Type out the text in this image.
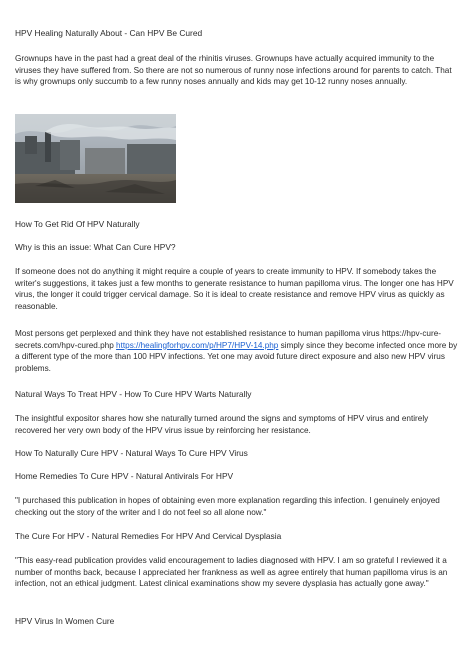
HPV Healing Naturally About - Can HPV Be Cured

Grownups have in the past had a great deal of the rhinitis viruses. Grownups have actually acquired immunity to the viruses they have suffered from. So there are not so numerous of runny nose infections around for parents to catch. That is why grownups only succumb to a few runny noses annually and kids may get 10-12 runny noses annually.

How To Get Rid Of HPV Naturally

Why is this an issue: What Can Cure HPV?

If someone does not do anything it might require a couple of years to create immunity to HPV. If somebody takes the writer's suggestions, it takes just a few months to generate resistance to human papilloma virus. The longer one has HPV virus, the longer it could trigger cervical damage. So it is ideal to create resistance and remove HPV virus as quickly as reasonable.

Most persons get perplexed and think they have not established resistance to human papilloma virus https://hpv-cure-secrets.com/hpv-cured.php https://healingforhpv.com/p/HP7/HPV-14.php simply since they become infected once more by a different type of the more than 100 HPV infections. Yet one may avoid future direct exposure and also new HPV virus problems.

Natural Ways To Treat HPV - How To Cure HPV Warts Naturally

The insightful expositor shares how she naturally turned around the signs and symptoms of HPV virus and entirely recovered her very own body of the HPV virus issue by reinforcing her resistance.

How To Naturally Cure HPV - Natural Ways To Cure HPV Virus

Home Remedies To Cure HPV - Natural Antivirals For HPV

"I purchased this publication in hopes of obtaining even more explanation regarding this infection. I genuinely enjoyed checking out the story of the writer and I do not feel so all alone now."

The Cure For HPV - Natural Remedies For HPV And Cervical Dysplasia

"This easy-read publication provides valid encouragement to ladies diagnosed with HPV. I am so grateful I reviewed it a number of months back, because I appreciated her frankness as well as agree entirely that human papilloma virus is an infection, not an ethical judgment. Latest clinical examinations show my severe dysplasia has actually gone away."

HPV Virus In Women Cure
